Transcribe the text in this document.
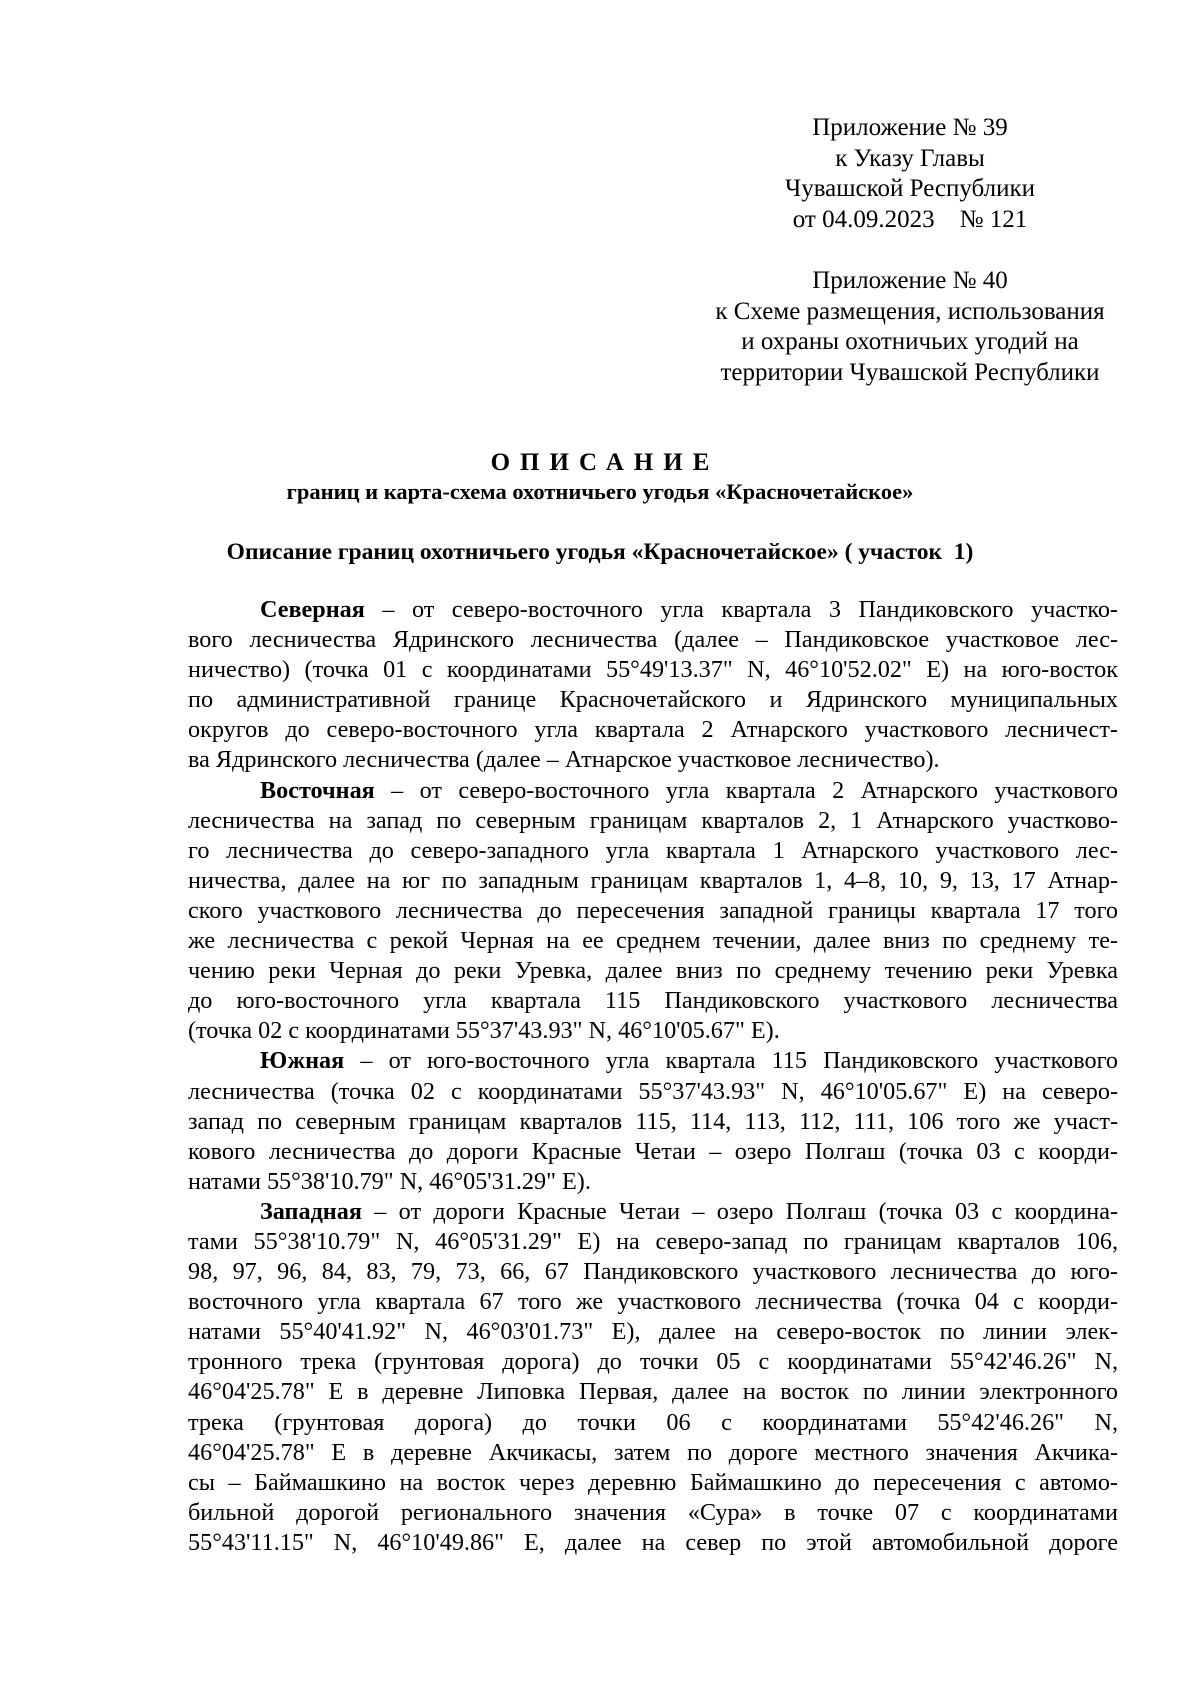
Приложение № 39
к Указу Главы
Чувашской Республики
от 04.09.2023    № 121
Приложение № 40
к Схеме размещения, использования
и охраны охотничьих угодий на
территории Чувашской Республики
ОПИСАНИЕ
границ и карта-схема охотничьего угодья «Красночетайское»
Описание границ охотничьего угодья «Красночетайское» ( участок  1)
Северная – от северо-восточного угла квартала 3 Пандиковского участко-
вого лесничества Ядринского лесничества (далее – Пандиковское участковое лес-
ничество) (точка 01 с координатами 55°49'13.37" N, 46°10'52.02" E) на юго-восток
по административной границе Красночетайского и Ядринского муниципальных
округов до северо-восточного угла квартала 2 Атнарского участкового лесничест-
ва Ядринского лесничества (далее – Атнарское участковое лесничество).
Восточная – от северо-восточного угла квартала 2 Атнарского участкового
лесничества на запад по северным границам кварталов 2, 1 Атнарского участково-
го лесничества до северо-западного угла квартала 1 Атнарского участкового лес-
ничества, далее на юг по западным границам кварталов 1, 4–8, 10, 9, 13, 17 Атнар-
ского участкового лесничества до пересечения западной границы квартала 17 того
же лесничества с рекой Черная на ее среднем течении, далее вниз по среднему те-
чению реки Черная до реки Уревка, далее вниз по среднему течению реки Уревка
до юго-восточного угла квартала 115 Пандиковского участкового лесничества
(точка 02 с координатами 55°37'43.93" N, 46°10'05.67" E).
Южная – от юго-восточного угла квартала 115 Пандиковского участкового
лесничества (точка 02 с координатами 55°37'43.93" N, 46°10'05.67" E) на северо-
запад по северным границам кварталов 115, 114, 113, 112, 111, 106 того же участ-
кового лесничества до дороги Красные Четаи – озеро Полгаш (точка 03 с коорди-
натами 55°38'10.79" N, 46°05'31.29" E).
Западная – от дороги Красные Четаи – озеро Полгаш (точка 03 с координа-
тами 55°38'10.79" N, 46°05'31.29" E) на северо-запад по границам кварталов 106,
98, 97, 96, 84, 83, 79, 73, 66, 67 Пандиковского участкового лесничества до юго-
восточного угла квартала 67 того же участкового лесничества (точка 04 с коорди-
натами 55°40'41.92" N, 46°03'01.73" E), далее на северо-восток по линии элек-
тронного трека (грунтовая дорога) до точки 05 с координатами 55°42'46.26" N,
46°04'25.78" E в деревне Липовка Первая, далее на восток по линии электронного
трека (грунтовая дорога) до точки 06 с координатами 55°42'46.26" N,
46°04'25.78" E в деревне Акчикасы, затем по дороге местного значения Акчика-
сы – Баймашкино на восток через деревню Баймашкино до пересечения с автомо-
бильной дорогой регионального значения «Сура» в точке 07 с координатами
55°43'11.15" N, 46°10'49.86" E, далее на север по этой автомобильной дороге
